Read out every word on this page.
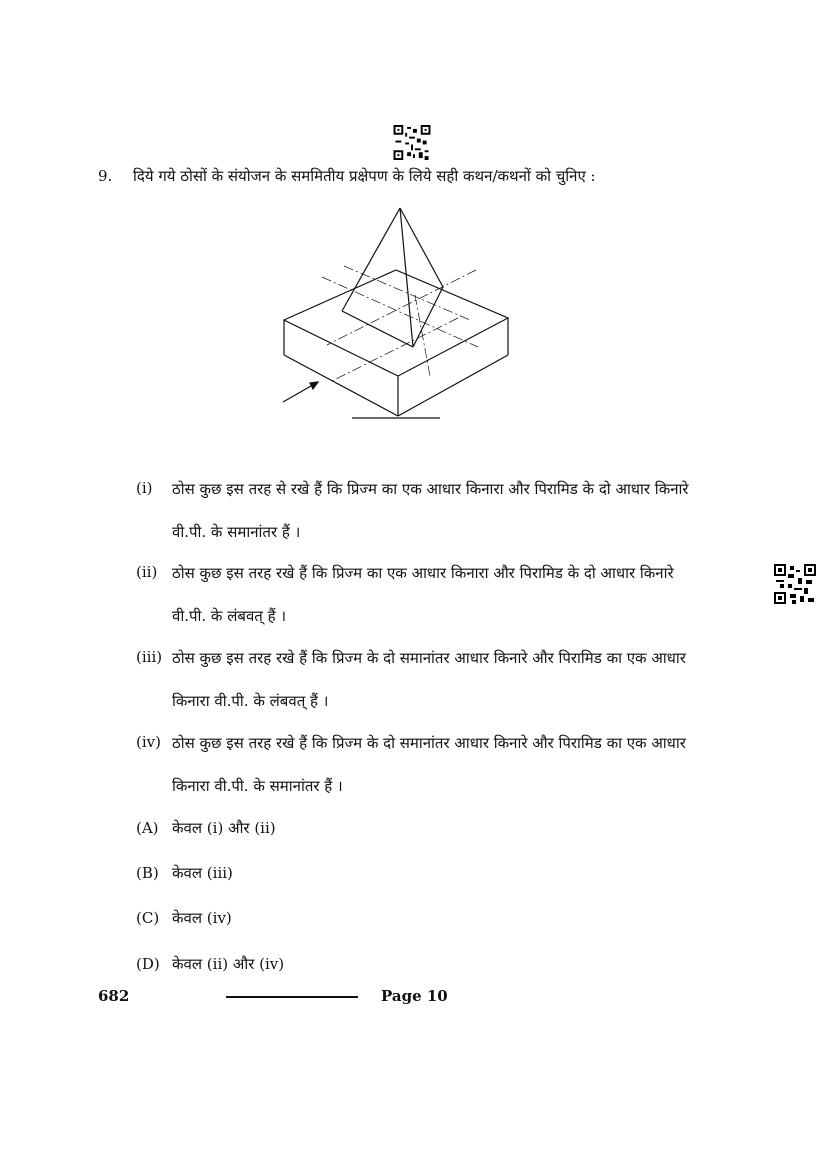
9. दिये गये ठोसों के संयोजन के सममितीय प्रक्षेपण के लिये सही कथन/कथनों को चुनिए :
(i)	ठोस कुछ इस तरह से रखे हैं कि प्रिज्म का एक आधार किनारा और पिरामिड के दो आधार किनारे
वी.पी. के समानांतर हैं ।
(ii) ठोस कुछ इस तरह रखे हैं कि प्रिज्म का एक आधार किनारा और पिरामिड के दो आधार किनारे
वी.पी. के लंबवत् हैं ।
(iii) ठोस कुछ इस तरह रखे हैं कि प्रिज्म के दो समानांतर आधार किनारे और पिरामिड का एक आधार
किनारा वी.पी. के लंबवत् हैं ।
(iv) ठोस कुछ इस तरह रखे हैं कि प्रिज्म के दो समानांतर आधार किनारे और पिरामिड का एक आधार
किनारा वी.पी. के समानांतर हैं ।
(A) केवल (i) और (ii)
(B) केवल (iii)
(C) केवल (iv)
(D) केवल (ii) और (iv)
682	Page 10
